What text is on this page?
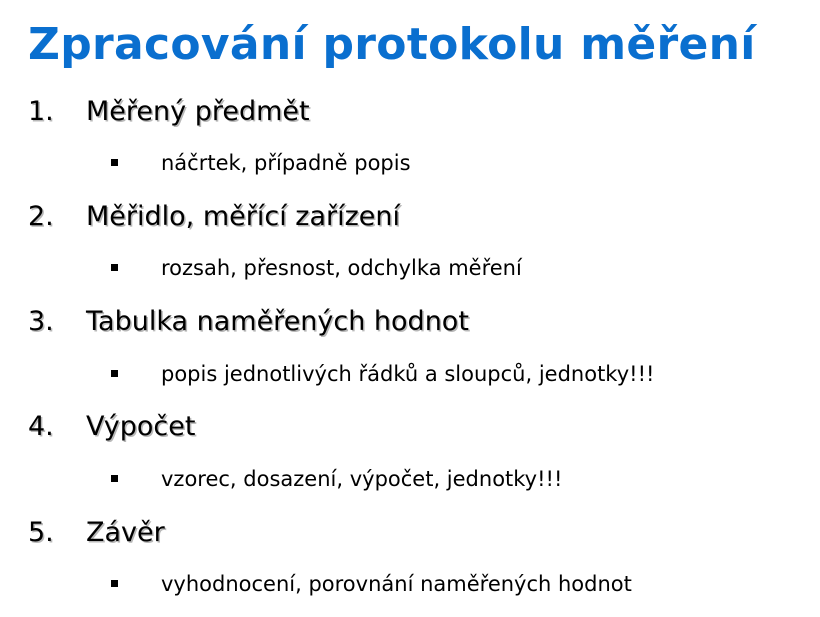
Zpracování protokolu měření
1. Měřený předmět
náčrtek, případně popis
2. Měřidlo, měřící zařízení
rozsah, přesnost, odchylka měření
3. Tabulka naměřených hodnot
popis jednotlivých řádků a sloupců, jednotky!!!
4. Výpočet
vzorec, dosazení, výpočet, jednotky!!!
5. Závěr
vyhodnocení, porovnání naměřených hodnot
